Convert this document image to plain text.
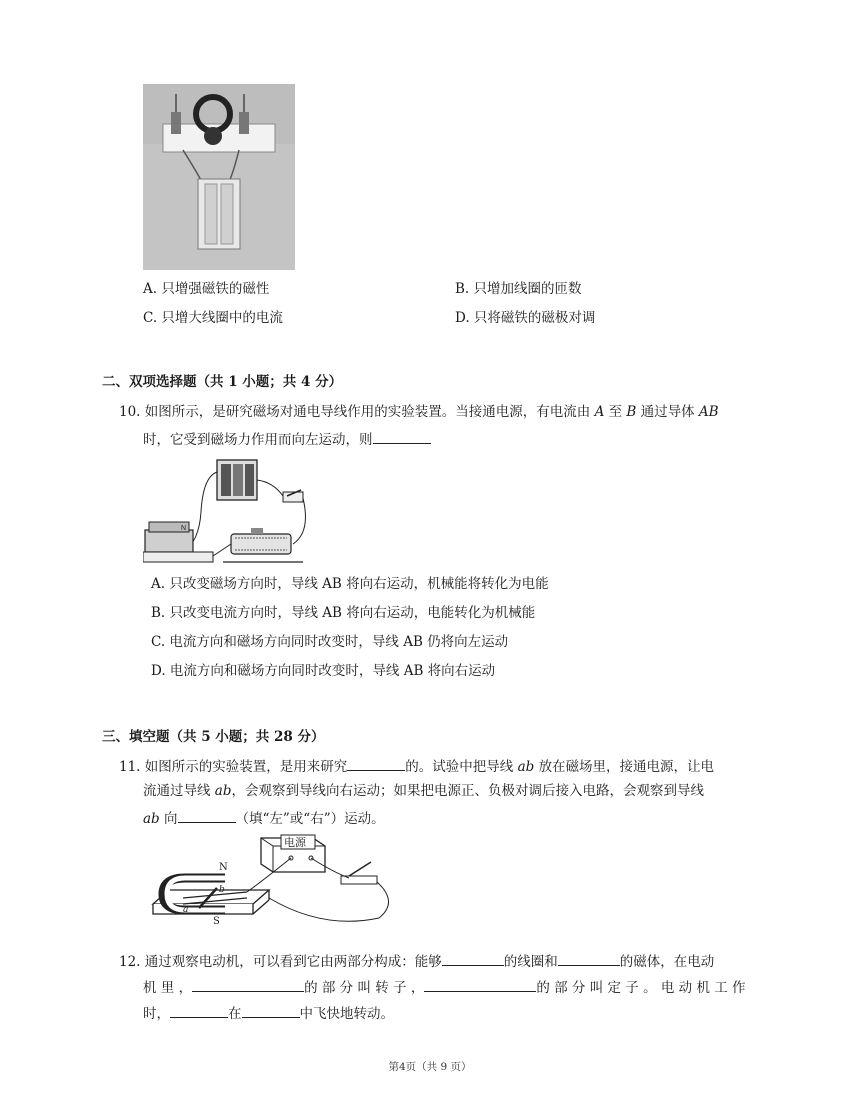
A. 只增强磁铁的磁性	B. 只增加线圈的匝数
C. 只增大线圈中的电流	D. 只将磁铁的磁极对调
二、双项选择题（共 1 小题；共 4 分）
10. 如图所示，是研究磁场对通电导线作用的实验装置。当接通电源，有电流由 A 至 B 通过导体 AB
时，它受到磁场力作用而向左运动，则
N
A. 只改变磁场方向时，导线 AB 将向右运动，机械能将转化为电能
B. 只改变电流方向时，导线 AB 将向右运动，电能转化为机械能
C. 电流方向和磁场方向同时改变时，导线 AB 仍将向左运动
D. 电流方向和磁场方向同时改变时，导线 AB 将向右运动
三、填空题（共 5 小题；共 28 分）
11. 如图所示的实验装置，是用来研究	的。试验中把导线 ab 放在磁场里，接通电源，让电
流通过导线 ab，会观察到导线向右运动；如果把电源正、负极对调后接入电路，会观察到导线
ab 向	（填“左”或“右”）运动。
电源
N
S
a
b
12. 通过观察电动机，可以看到它由两部分构成：能够	的线圈和	的磁体，在电动
机 里 ，	的 部 分 叫 转 子 ，	的 部 分 叫 定 子 。 电 动 机 工 作
时，	在	中飞快地转动。
第4页（共 9 页）
